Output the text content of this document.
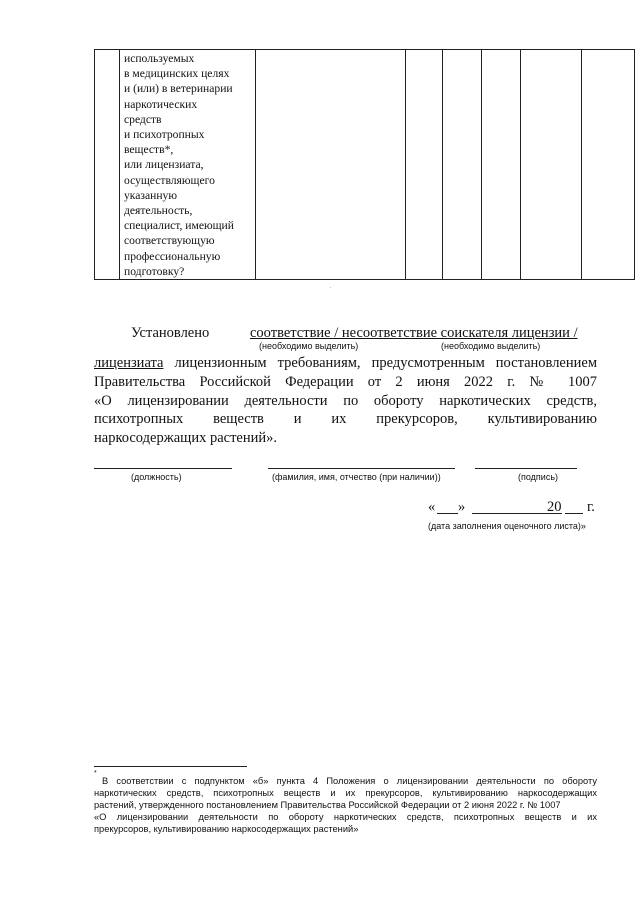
используемых
в медицинских целях
и (или) в ветеринарии
наркотических
средств
и психотропных
веществ*,
или лицензиата,
осуществляющего
указанную
деятельность,
специалист, имеющий
соответствующую
профессиональную
подготовку?

Установлено	соответствие / несоответствие соискателя лицензии /
(необходимо выделить)	(необходимо выделить)
лицензиата лицензионным требованиям, предусмотренным постановлением
Правительства Российской Федерации от 2 июня 2022 г. № 1007
«О лицензировании деятельности по обороту наркотических средств,
психотропных веществ и их прекурсоров, культивированию
наркосодержащих растений».
(должность)	(фамилия, имя, отчество (при наличии))	(подпись)
« »	20 г.
(дата заполнения оценочного листа)»
*
В соответствии с подпунктом «б» пункта 4 Положения о лицензировании деятельности по обороту
наркотических средств, психотропных веществ и их прекурсоров, культивированию наркосодержащих
растений, утвержденного постановлением Правительства Российской Федерации от 2 июня 2022 г. № 1007
«О лицензировании деятельности по обороту наркотических средств, психотропных веществ и их
прекурсоров, культивированию наркосодержащих растений»
